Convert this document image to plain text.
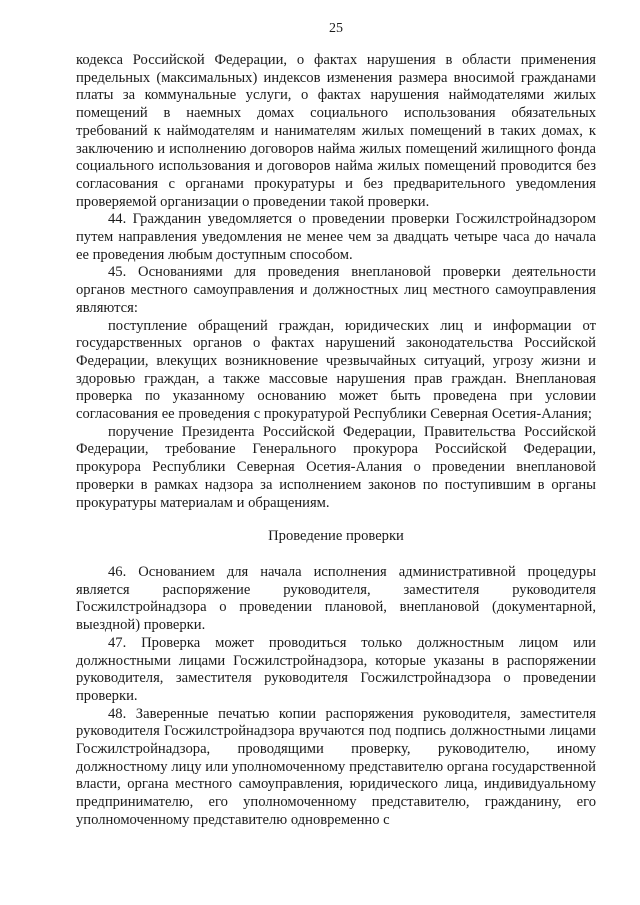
25

кодекса Российской Федерации, о фактах нарушения в области применения предельных (максимальных) индексов изменения размера вносимой гражданами платы за коммунальные услуги, о фактах нарушения наймодателями жилых помещений в наемных домах социального использования обязательных требований к наймодателям и нанимателям жилых помещений в таких домах, к заключению и исполнению договоров найма жилых помещений жилищного фонда социального использования и договоров найма жилых помещений проводится без согласования с органами прокуратуры и без предварительного уведомления проверяемой организации о проведении такой проверки.

44. Гражданин уведомляется о проведении проверки Госжилстройнадзором путем направления уведомления не менее чем за двадцать четыре часа до начала ее проведения любым доступным способом.

45. Основаниями для проведения внеплановой проверки деятельности органов местного самоуправления и должностных лиц местного самоуправления являются:

поступление обращений граждан, юридических лиц и информации от государственных органов о фактах нарушений законодательства Российской Федерации, влекущих возникновение чрезвычайных ситуаций, угрозу жизни и здоровью граждан, а также массовые нарушения прав граждан. Внеплановая проверка по указанному основанию может быть проведена при условии согласования ее проведения с прокуратурой Республики Северная Осетия-Алания;

поручение Президента Российской Федерации, Правительства Российской Федерации, требование Генерального прокурора Российской Федерации, прокурора Республики Северная Осетия-Алания о проведении внеплановой проверки в рамках надзора за исполнением законов по поступившим в органы прокуратуры материалам и обращениям.

Проведение проверки

46. Основанием для начала исполнения административной процедуры является распоряжение руководителя, заместителя руководителя Госжилстройнадзора о проведении плановой, внеплановой (документарной, выездной) проверки.

47. Проверка может проводиться только должностным лицом или должностными лицами Госжилстройнадзора, которые указаны в распоряжении руководителя, заместителя руководителя Госжилстройнадзора о проведении проверки.

48. Заверенные печатью копии распоряжения руководителя, заместителя руководителя Госжилстройнадзора вручаются под подпись должностными лицами Госжилстройнадзора, проводящими проверку, руководителю, иному должностному лицу или уполномоченному представителю органа государственной власти, органа местного самоуправления, юридического лица, индивидуальному предпринимателю, его уполномоченному представителю, гражданину, его уполномоченному представителю одновременно с
